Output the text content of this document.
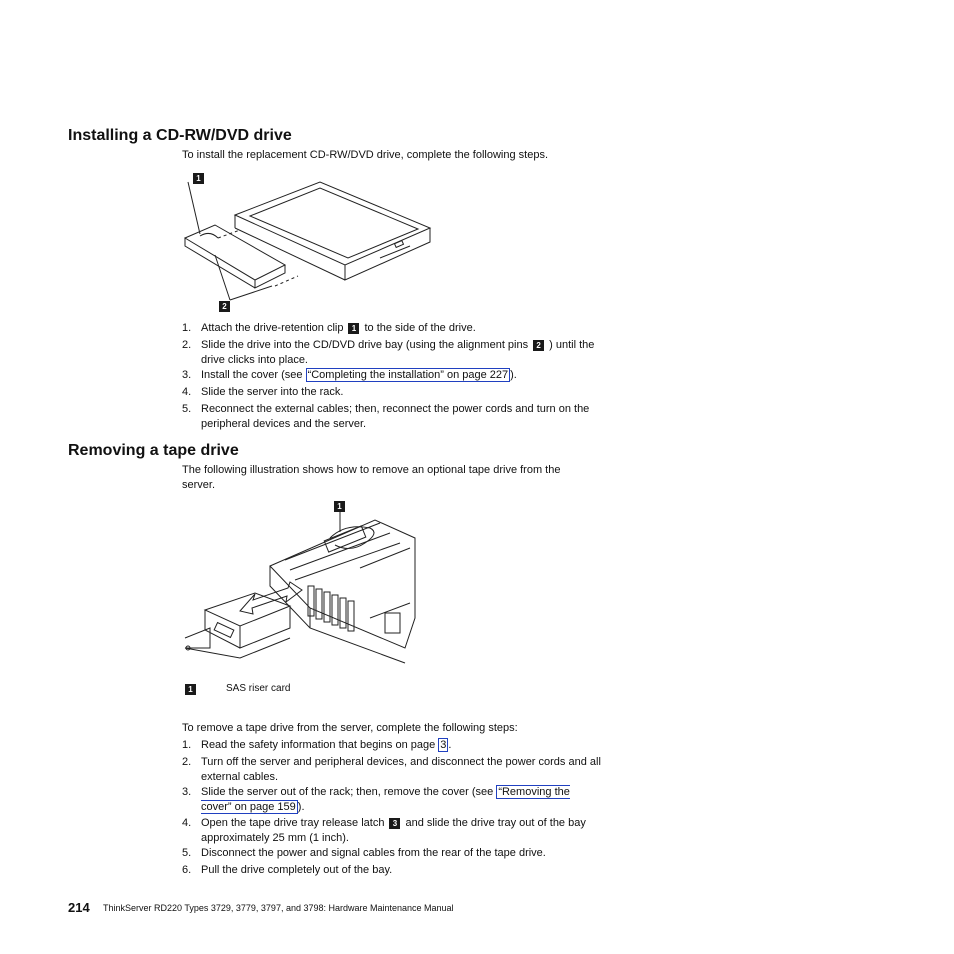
Installing a CD-RW/DVD drive
To install the replacement CD-RW/DVD drive, complete the following steps.
1
2
1. Attach the drive-retention clip 1 to the side of the drive.
2. Slide the drive into the CD/DVD drive bay (using the alignment pins 2 ) until the drive clicks into place.
3. Install the cover (see “Completing the installation” on page 227 ).
4. Slide the server into the rack.
5. Reconnect the external cables; then, reconnect the power cords and turn on the peripheral devices and the server.
Removing a tape drive
The following illustration shows how to remove an optional tape drive from the server.
1
1	SAS riser card
To remove a tape drive from the server, complete the following steps:
1. Read the safety information that begins on page 3 .
2. Turn off the server and peripheral devices, and disconnect the power cords and all external cables.
3. Slide the server out of the rack; then, remove the cover (see “Removing the cover” on page 159 ).
4. Open the tape drive tray release latch 3 and slide the drive tray out of the bay approximately 25 mm (1 inch).
5. Disconnect the power and signal cables from the rear of the tape drive.
6. Pull the drive completely out of the bay.
214 ThinkServer RD220 Types 3729, 3779, 3797, and 3798: Hardware Maintenance Manual
